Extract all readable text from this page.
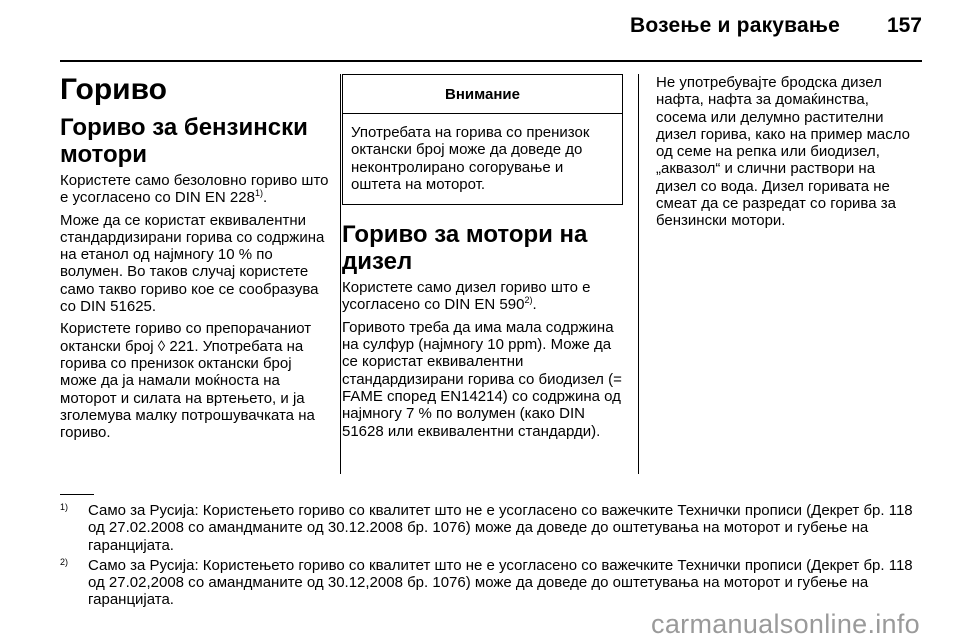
Возење и ракување 157
Гориво
Гориво за бензински мотори

Користете само безоловно гориво што е усогласено со DIN EN 228$^{1)}$.

Може да се користат еквивалентни стандардизирани горива со содржина на етанол од најмногу 10 % по волумен. Во таков случај користете само такво гориво кое се сообразува со DIN 51625.

Користете гориво со препорачаниот октански број ◊ 221. Употребата на горива со пренизок октански број може да ја намали моќноста на моторот и силата на вртењето, и ја зголемува малку потрошувачката на гориво.

Внимание
Употребата на горива со пренизок октански број може да доведе до неконтролирано согорување и оштета на моторот.
Гориво за мотори на дизел

Користете само дизел гориво што е усогласено со DIN EN 590$^{2)}$.

Горивото треба да има мала содржина на сулфур (најмногу 10 ppm). Може да се користат еквивалентни стандардизирани горива со биодизел (= FAME според EN14214) со содржина од најмногу 7 % по волумен (како DIN 51628 или еквивалентни стандарди).

Не употребувајте бродска дизел нафта, нафта за домаќинства, сосема или делумно растителни дизел горива, како на пример масло од семе на репка или биодизел, „аквазол“ и слични раствори на дизел со вода. Дизел горивата не смеат да се разредат со горива за бензински мотори.

1) Само за Русија: Користењето гориво со квалитет што не е усогласено со важечките Технички прописи (Декрет бр. 118 од 27.02.2008 со амандманите од 30.12.2008 бр. 1076) може да доведе до оштетувања на моторот и губење на гаранцијата.
2) Само за Русија: Користењето гориво со квалитет што не е усогласено со важечките Технички прописи (Декрет бр. 118 од 27.02,2008 со амандманите од 30.12,2008 бр. 1076) може да доведе до оштетувања на моторот и губење на гаранцијата.
carmanualsonline.info
